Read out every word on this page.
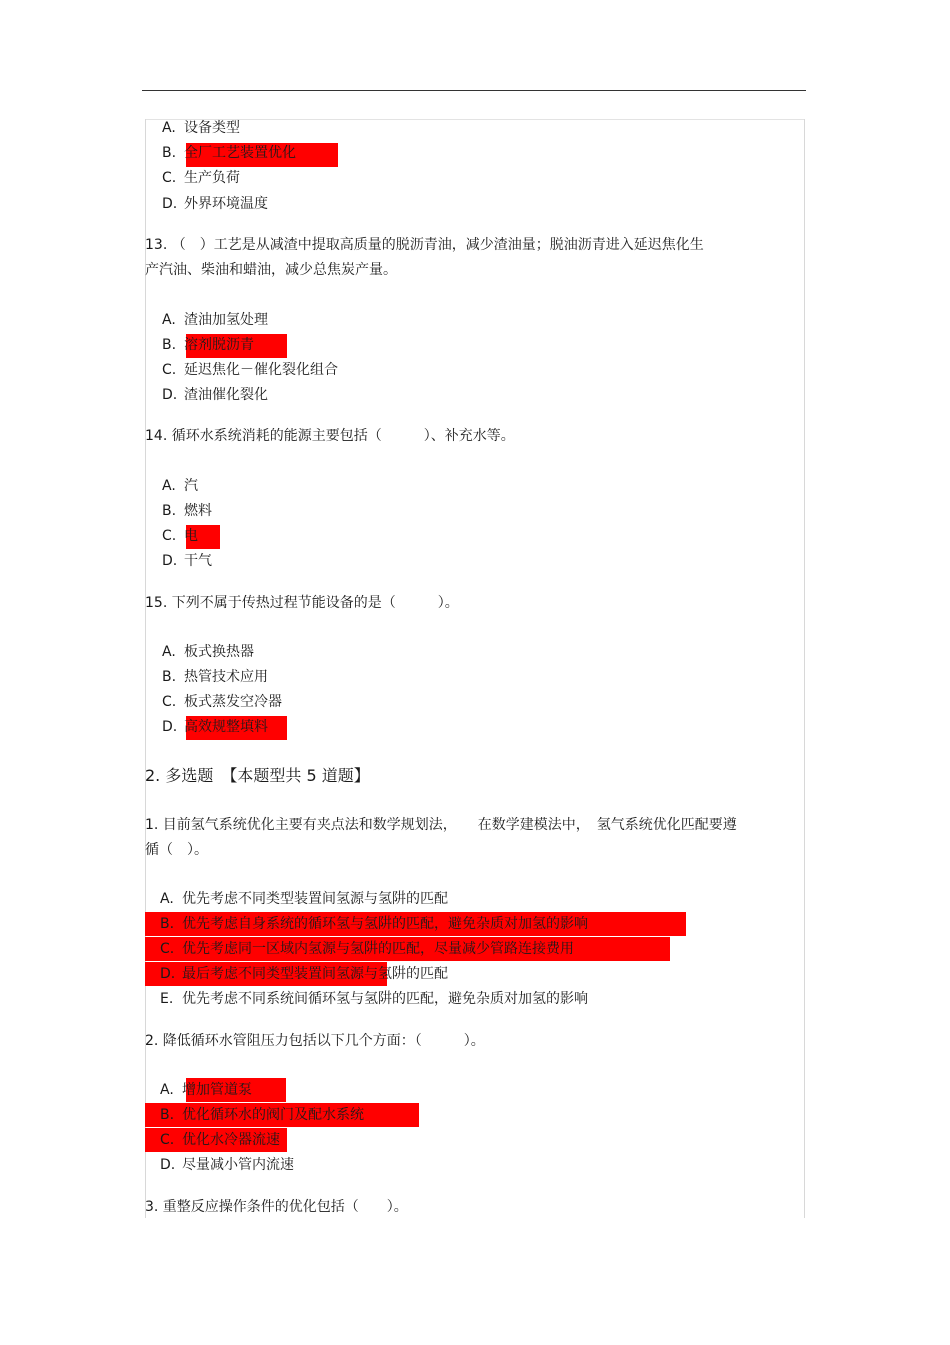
A. 设备类型
B. 全厂工艺装置优化
C. 生产负荷
D. 外界环境温度
13. （　）工艺是从减渣中提取高质量的脱沥青油，减少渣油量；脱油沥青进入延迟焦化生
产汽油、柴油和蜡油，减少总焦炭产量。
A. 渣油加氢处理
B. 溶剂脱沥青
C. 延迟焦化－催化裂化组合
D. 渣油催化裂化
14. 循环水系统消耗的能源主要包括（　　　）、补充水等。
A. 汽
B. 燃料
C. 电
D. 干气
15. 下列不属于传热过程节能设备的是（　　　）。
A. 板式换热器
B. 热管技术应用
C. 板式蒸发空冷器
D. 高效规整填料
2. 多选题　【本题型共 5 道题】
1. 目前氢气系统优化主要有夹点法和数学规划法，　　在数学建模法中，　氢气系统优化匹配要遵
循（　）。
A. 优先考虑不同类型装置间氢源与氢阱的匹配
B. 优先考虑自身系统的循环氢与氢阱的匹配，避免杂质对加氢的影响
C. 优先考虑同一区域内氢源与氢阱的匹配，尽量减少管路连接费用
D. 最后考虑不同类型装置间氢源与氢阱的匹配
E. 优先考虑不同系统间循环氢与氢阱的匹配，避免杂质对加氢的影响
2. 降低循环水管阻压力包括以下几个方面：（　　　）。
A. 增加管道泵
B. 优化循环水的阀门及配水系统
C. 优化水冷器流速
D. 尽量减小管内流速
3. 重整反应操作条件的优化包括（　　）。
